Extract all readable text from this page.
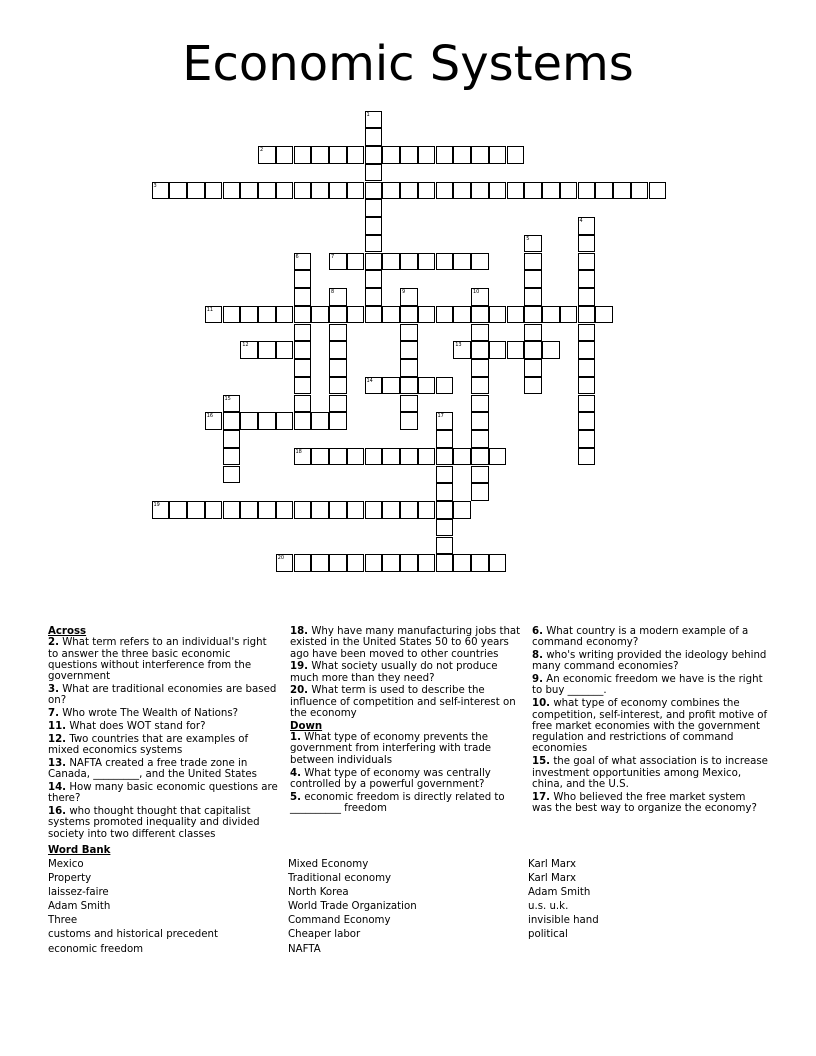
Economic Systems
1
2
3
4
5
6	7
8	9	10
11
12	13
14
15
16	17
18
19
20
Across

2. What term refers to an individual's right to answer the three basic economic questions without interference from the government

3. What are traditional economies are based on?

7. Who wrote The Wealth of Nations?

11. What does WOT stand for?

12. Two countries that are examples of mixed economics systems

13. NAFTA created a free trade zone in Canada, _________, and the United States

14. How many basic economic questions are there?

16. who thought thought that capitalist systems promoted inequality and divided society into two different classes

18. Why have many manufacturing jobs that existed in the United States 50 to 60 years ago have been moved to other countries

19. What society usually do not produce much more than they need?

20. What term is used to describe the influence of competition and self-interest on the economy

Down

1. What type of economy prevents the government from interfering with trade between individuals

4. What type of economy was centrally controlled by a powerful government?

5. economic freedom is directly related to __________ freedom

6. What country is a modern example of a command economy?

8. who's writing provided the ideology behind many command economies?

9. An economic freedom we have is the right to buy _______.

10. what type of economy combines the competition, self-interest, and profit motive of free market economies with the government regulation and restrictions of command economies

15. the goal of what association is to increase investment opportunities among Mexico, china, and the U.S.

17. Who believed the free market system was the best way to organize the economy?

Word Bank
Mexico
Property
laissez-faire
Adam Smith
Three
customs and historical precedent
economic freedom
Mixed Economy
Traditional economy
North Korea
World Trade Organization
Command Economy
Cheaper labor
NAFTA
Karl Marx
Karl Marx
Adam Smith
u.s. u.k.
invisible hand
political
